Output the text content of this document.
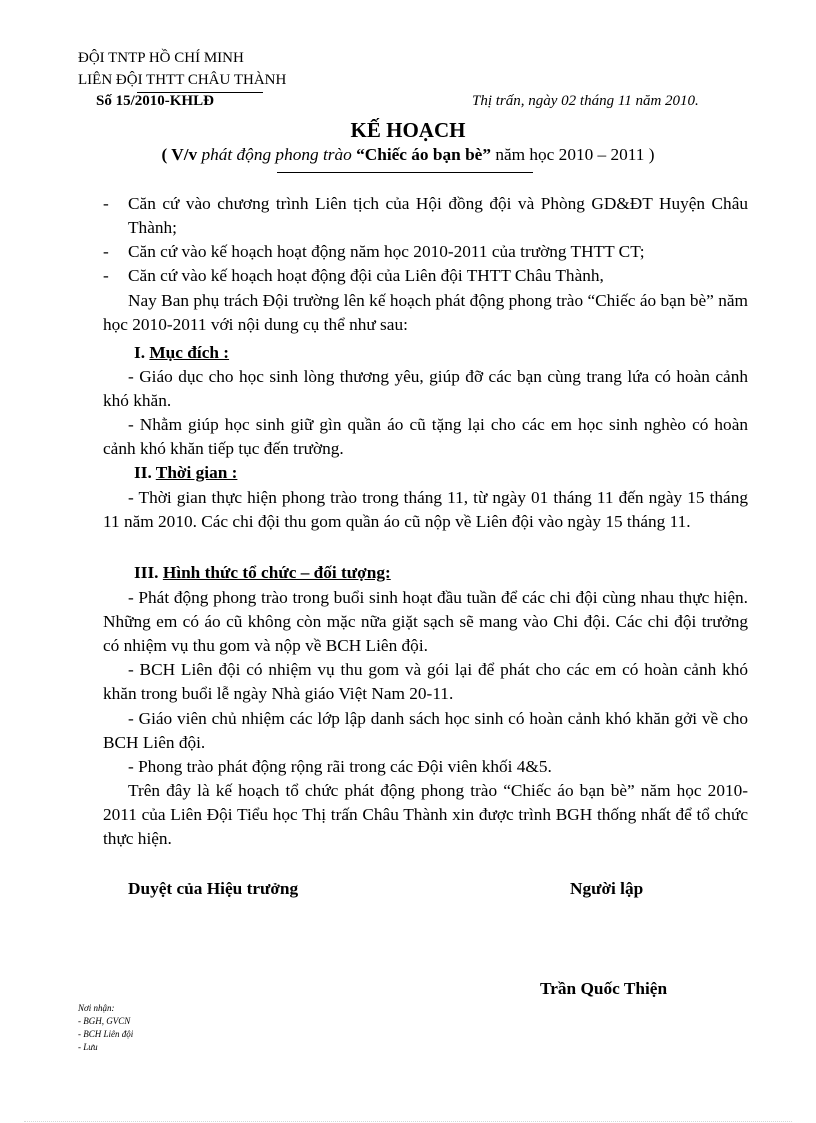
ĐỘI TNTP HỒ CHÍ MINH
LIÊN ĐỘI THTT CHÂU THÀNH
Số 15/2010-KHLĐ	Thị trấn, ngày 02 tháng 11 năm 2010.
KẾ HOẠCH
( V/v phát động phong trào “Chiếc áo bạn bè” năm học 2010 – 2011 )
- Căn cứ vào chương trình Liên tịch của Hội đồng đội và Phòng GD&ĐT Huyện Châu Thành;
- Căn cứ vào kế hoạch hoạt động năm học 2010-2011 của trường THTT CT;
- Căn cứ vào kế hoạch hoạt động đội của Liên đội THTT Châu Thành,
Nay Ban phụ trách Đội trường lên kế hoạch phát động phong trào “Chiếc áo bạn bè” năm học 2010-2011 với nội dung cụ thể như sau:
I. Mục đích :
- Giáo dục cho học sinh lòng thương yêu, giúp đỡ các bạn cùng trang lứa có hoàn cảnh khó khăn.
- Nhằm giúp học sinh giữ gìn quần áo cũ tặng lại cho các em học sinh nghèo có hoàn cảnh khó khăn tiếp tục đến trường.
II. Thời gian :
- Thời gian thực hiện phong trào trong tháng 11, từ ngày 01 tháng 11 đến ngày 15 tháng 11 năm 2010. Các chi đội thu gom quần áo cũ nộp về Liên đội vào ngày 15 tháng 11.
III. Hình thức tổ chức – đối tượng:
- Phát động phong trào trong buổi sinh hoạt đầu tuần để các chi đội cùng nhau thực hiện. Những em có áo cũ không còn mặc nữa giặt sạch sẽ mang vào Chi đội. Các chi đội trưởng có nhiệm vụ thu gom và nộp về BCH Liên đội.
- BCH Liên đội có nhiệm vụ thu gom và gói lại để phát cho các em có hoàn cảnh khó khăn trong buổi lễ ngày Nhà giáo Việt Nam 20-11.
- Giáo viên chủ nhiệm các lớp lập danh sách học sinh có hoàn cảnh khó khăn gởi về cho BCH Liên đội.
- Phong trào phát động rộng rãi trong các Đội viên khối 4&5.
Trên đây là kế hoạch tổ chức phát động phong trào “Chiếc áo bạn bè” năm học 2010-2011 của Liên Đội Tiểu học Thị trấn Châu Thành xin được trình BGH thống nhất để tổ chức thực hiện.
Duyệt của Hiệu trưởng	Người lập
Trần Quốc Thiện
Nơi nhận:
- BGH, GVCN
- BCH Liên đội
- Lưu
